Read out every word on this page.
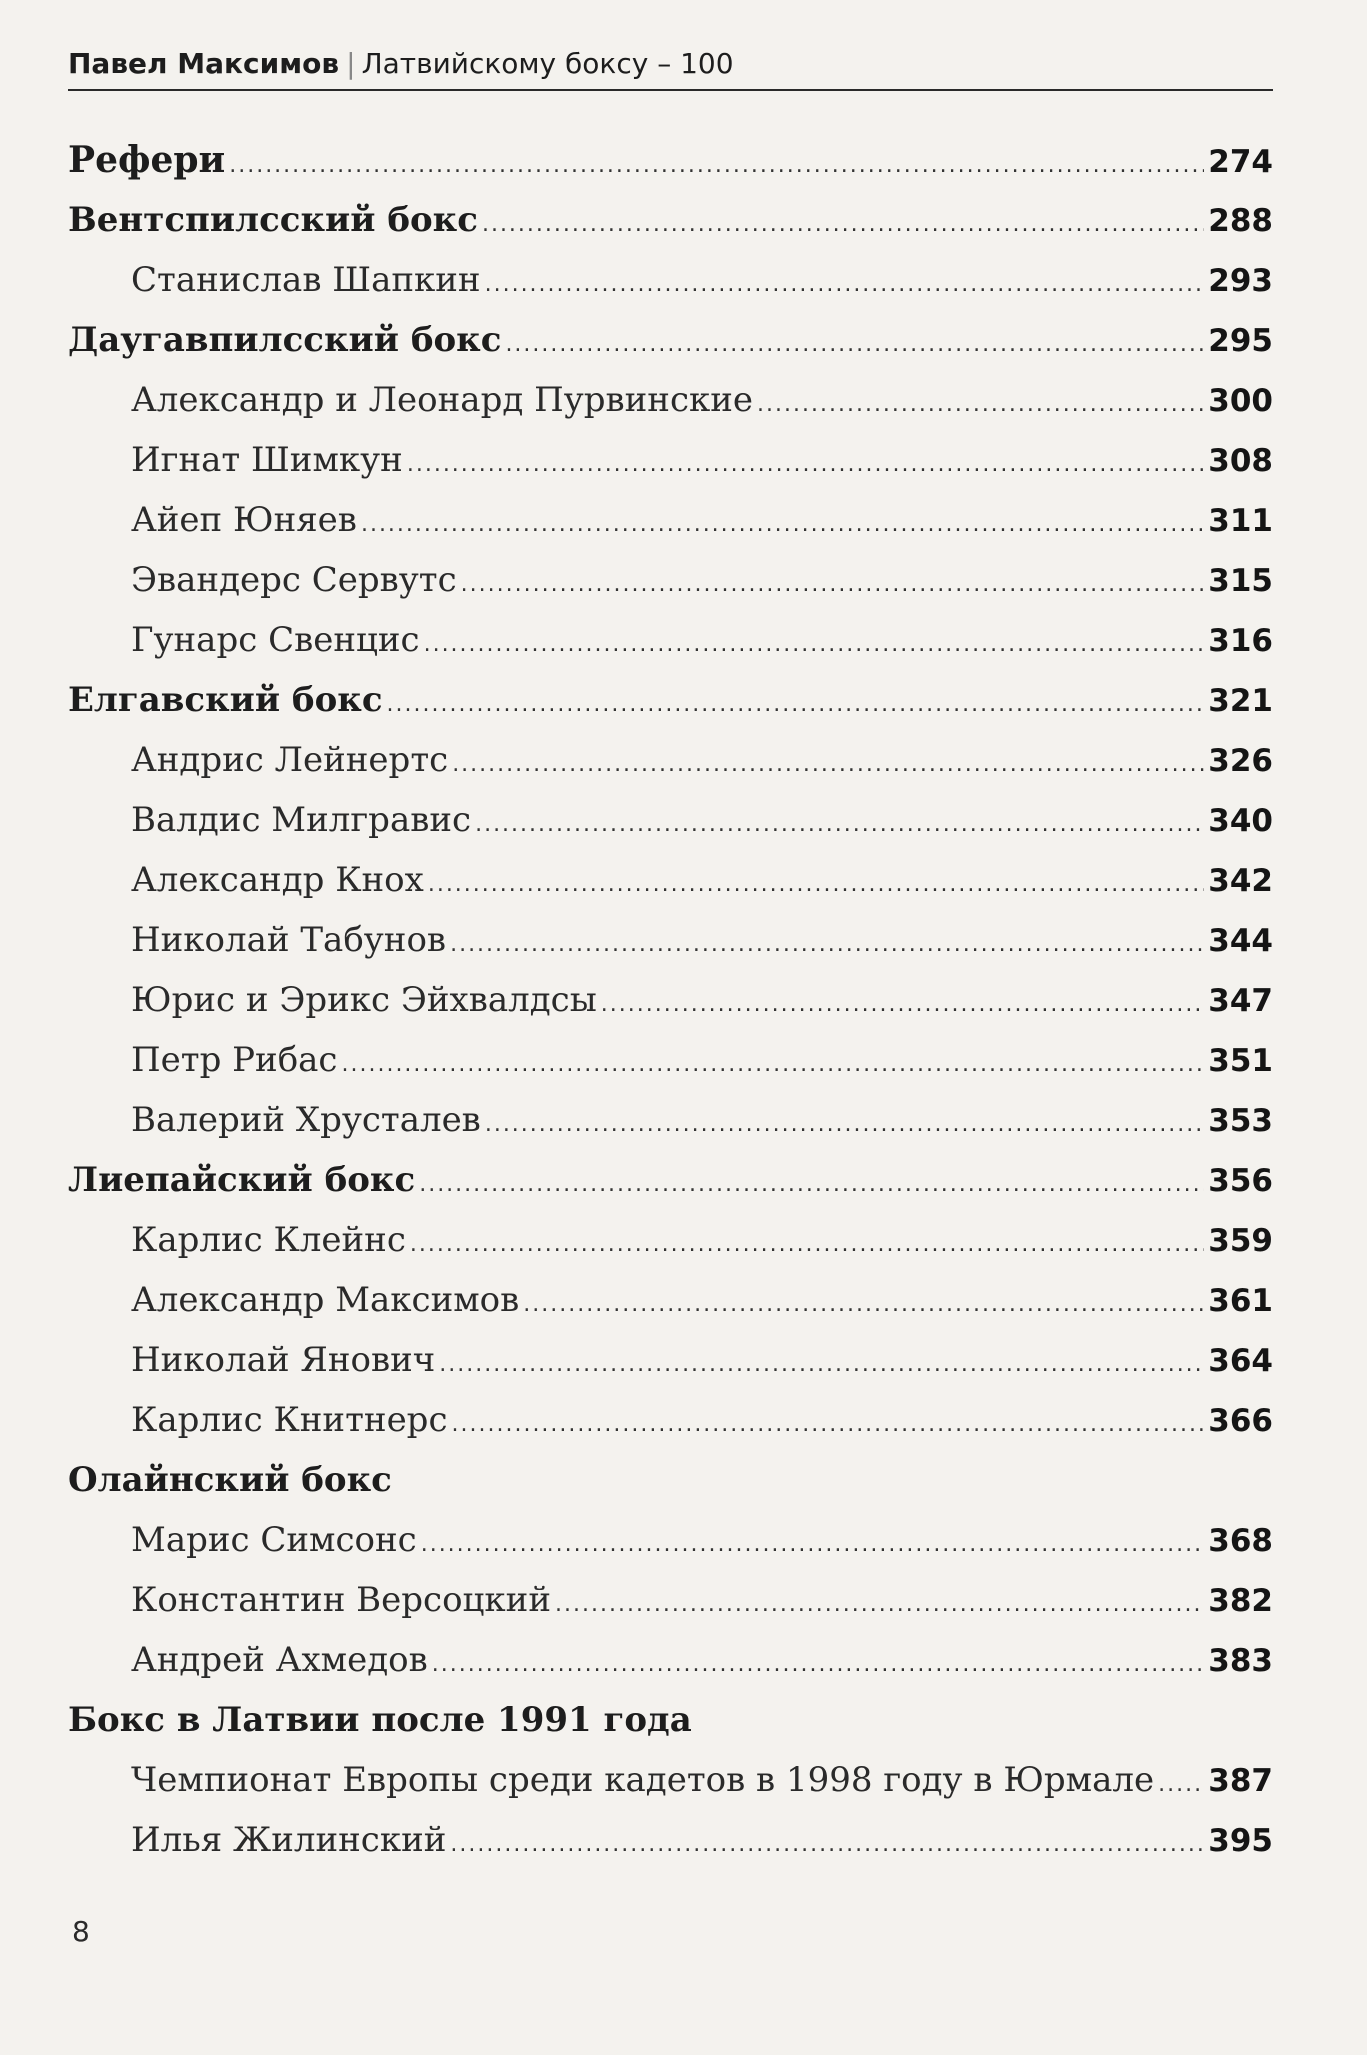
Павел Максимов | Латвийскому боксу – 100
Рефери .....	274
Вентспилсский бокс .....	288
Станислав Шапкин .....	293
Даугавпилсский бокс .....	295
Александр и Леонард Пурвинские .....	300
Игнат Шимкун .....	308
Айеп Юняев .....	311
Эвандерс Сервутс .....	315
Гунарс Свенцис .....	316
Елгавский бокс .....	321
Андрис Лейнертс .....	326
Валдис Милгравис .....	340
Александр Кнох .....	342
Николай Табунов .....	344
Юрис и Эрикс Эйхвалдсы .....	347
Петр Рибас .....	351
Валерий Хрусталев .....	353
Лиепайский бокс .....	356
Карлис Клейнс .....	359
Александр Максимов .....	361
Николай Янович .....	364
Карлис Книтнерс .....	366
Олайнский бокс
Марис Симсонс .....	368
Константин Версоцкий .....	382
Андрей Ахмедов .....	383
Бокс в Латвии после 1991 года
Чемпионат Европы среди кадетов в 1998 году в Юрмале ..... 387
Илья Жилинский .....	395
8
